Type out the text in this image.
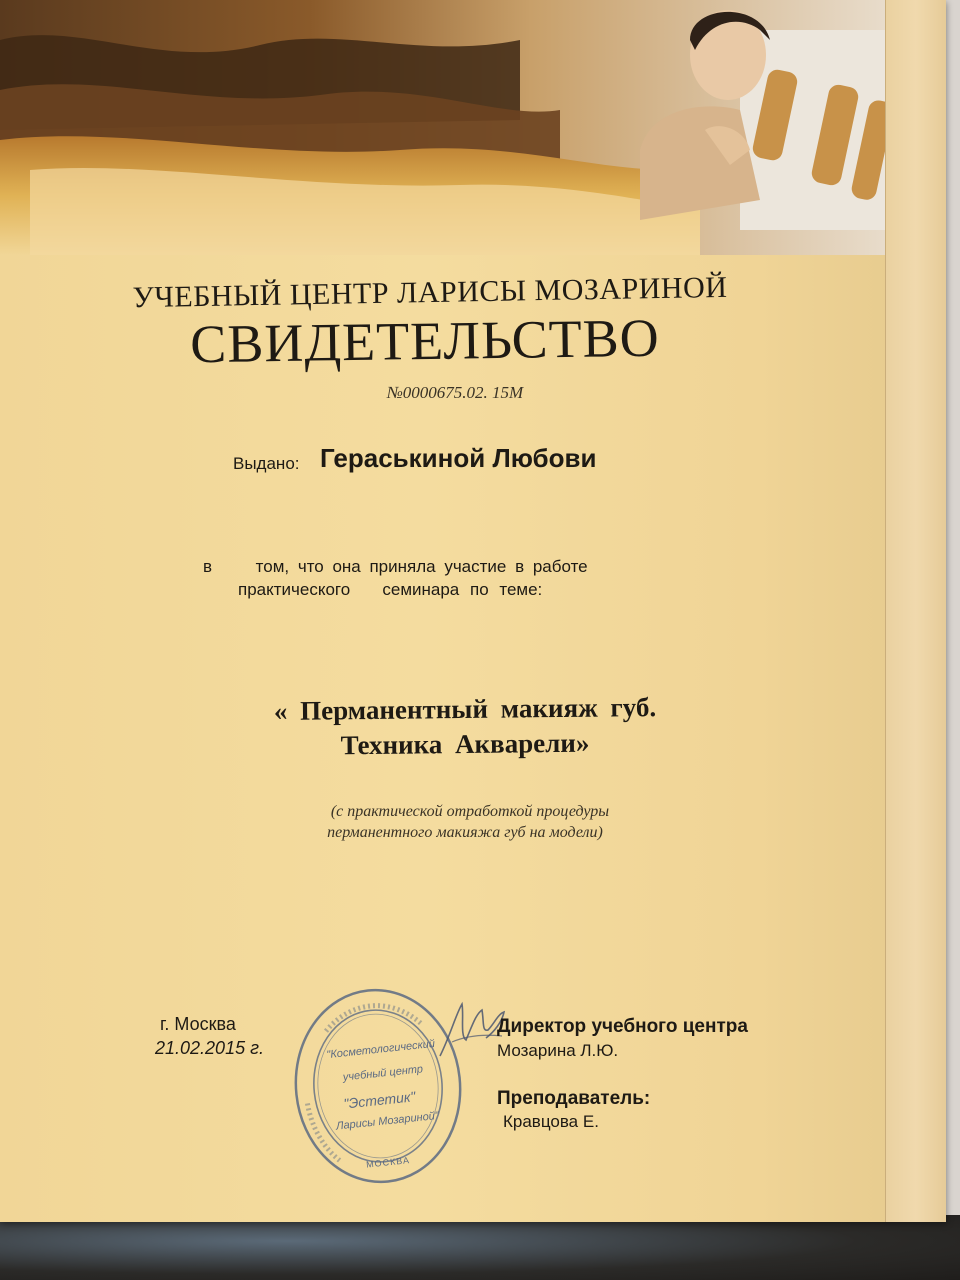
УЧЕБНЫЙ ЦЕНТР ЛАРИСЫ МОЗАРИНОЙ
СВИДЕТЕЛЬСТВО
№0000675.02. 15М
Выдано: Гераськиной Любови
в     том, что она приняла участие в работе
практического   семинара по теме:
« Перманентный макияж губ.
Техника Акварели»
(с практической отработкой процедуры
перманентного макияжа губ на модели)
г. Москва
21.02.2015 г.	"Косметологический
учебный центр
"Эстетик"
Ларисы Мозариной"
МОСКВА
Директор учебного центра
Мозарина Л.Ю.
Преподаватель:
Кравцова Е.
